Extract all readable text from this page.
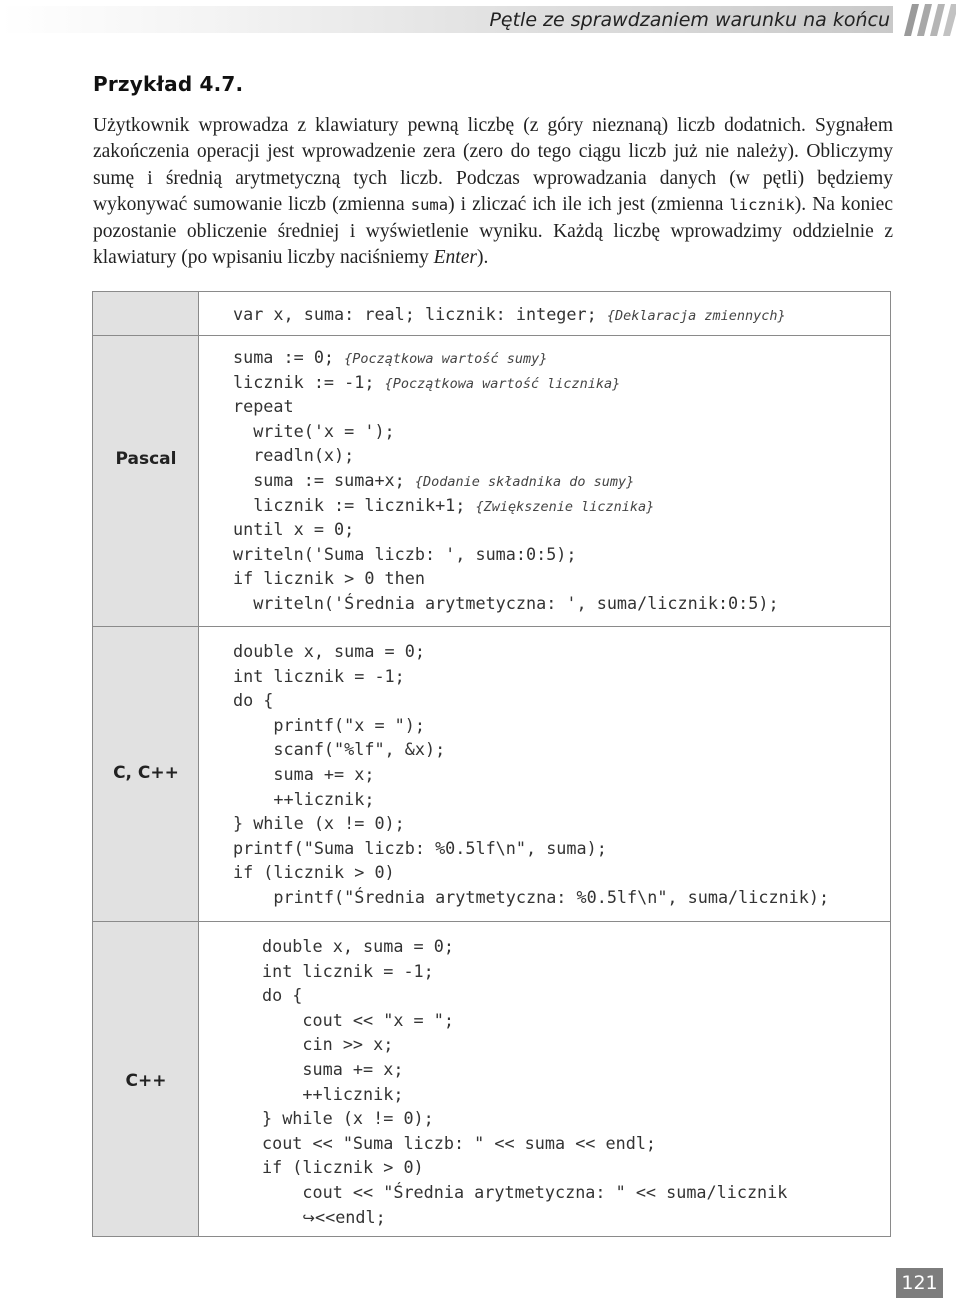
Pętle ze sprawdzaniem warunku na końcu
Przykład 4.7.
Użytkownik wprowadza z klawiatury pewną liczbę (z góry nieznaną) liczb dodatnich. Sygnałem zakończenia operacji jest wprowadzenie zera (zero do tego ciągu liczb już nie należy). Obliczymy sumę i średnią arytmetyczną tych liczb. Podczas wprowadzania danych (w pętli) będziemy wykonywać sumowanie liczb (zmienna suma) i zliczać ich ile ich jest (zmienna licznik). Na koniec pozostanie obliczenie średniej i wyświetlenie wyniku. Każdą liczbę wprowadzimy oddzielnie z klawiatury (po wpisaniu liczby naciśniemy Enter).
var x, suma: real; licznik: integer; {Deklaracja zmiennych}
Pascal
C, C++
C++
suma := 0; {Początkowa wartość sumy}
licznik := -1; {Początkowa wartość licznika}
repeat
write('x = ');
readln(x);
suma := suma+x; {Dodanie składnika do sumy}
licznik := licznik+1; {Zwiększenie licznika}
until x = 0;
writeln('Suma liczb: ', suma:0:5);
if licznik > 0 then
writeln('Średnia arytmetyczna: ', suma/licznik:0:5);
double x, suma = 0;
int licznik = -1;
do {
printf("x = ");
scanf("%lf", &x);
suma += x;
++licznik;
} while (x != 0);
printf("Suma liczb: %0.5lf\n", suma);
if (licznik > 0)
printf("Średnia arytmetyczna: %0.5lf\n", suma/licznik);
double x, suma = 0;
int licznik = -1;
do {
cout << "x = ";
cin >> x;
suma += x;
++licznik;
} while (x != 0);
cout << "Suma liczb: " << suma << endl;
if (licznik > 0)
cout << "Średnia arytmetyczna: " << suma/licznik
↪<<endl;
121
